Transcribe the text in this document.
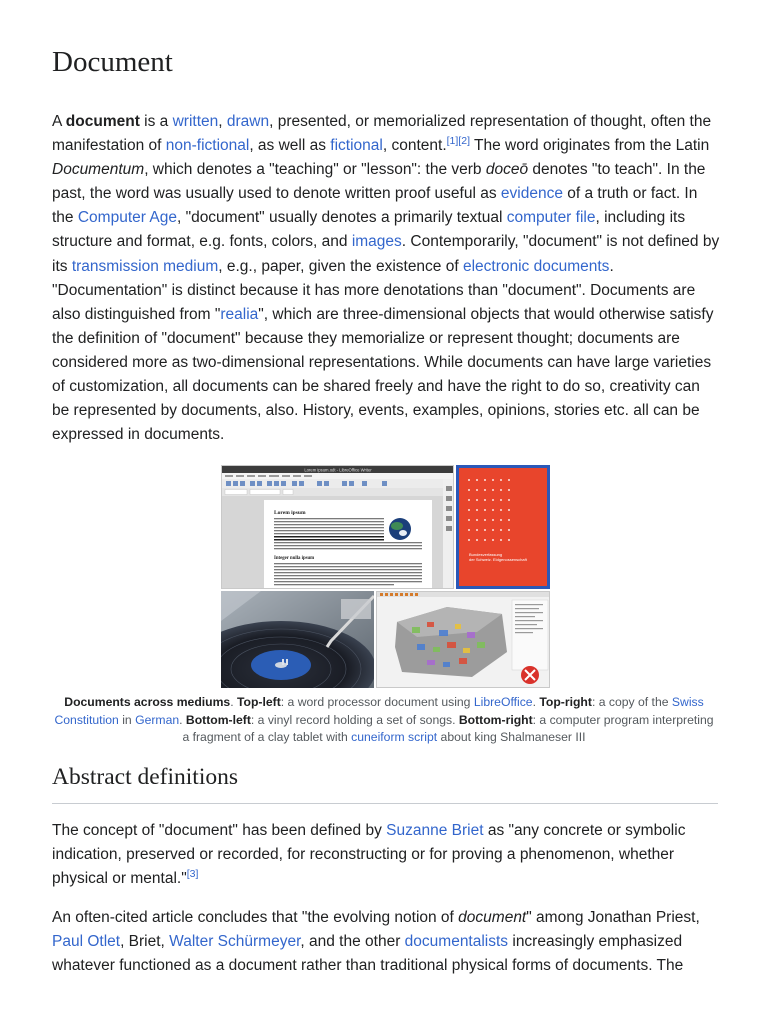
Document

A document is a written, drawn, presented, or memorialized representation of thought, often the manifestation of non-fictional, as well as fictional, content.[1][2] The word originates from the Latin Documentum, which denotes a "teaching" or "lesson": the verb doceō denotes "to teach". In the past, the word was usually used to denote written proof useful as evidence of a truth or fact. In the Computer Age, "document" usually denotes a primarily textual computer file, including its structure and format, e.g. fonts, colors, and images. Contemporarily, "document" is not defined by its transmission medium, e.g., paper, given the existence of electronic documents. "Documentation" is distinct because it has more denotations than "document". Documents are also distinguished from "realia", which are three-dimensional objects that would otherwise satisfy the definition of "document" because they memorialize or represent thought; documents are considered more as two-dimensional representations. While documents can have large varieties of customization, all documents can be shared freely and have the right to do so, creativity can be represented by documents, also. History, events, examples, opinions, stories etc. all can be expressed in documents.

Lorem ipsum.odt - LibreOffice Writer
Lorem ipsum
Integer nulla ipsum
Bundesverfassung
der Schweiz. Eidgenossenschaft
Documents across mediums. Top-left: a word processor document using LibreOffice. Top-right: a copy of the Swiss Constitution in German. Bottom-left: a vinyl record holding a set of songs. Bottom-right: a computer program interpreting a fragment of a clay tablet with cuneiform script about king Shalmaneser III
Abstract definitions

The concept of "document" has been defined by Suzanne Briet as "any concrete or symbolic indication, preserved or recorded, for reconstructing or for proving a phenomenon, whether physical or mental."[3]

An often-cited article concludes that "the evolving notion of document" among Jonathan Priest, Paul Otlet, Briet, Walter Schürmeyer, and the other documentalists increasingly emphasized whatever functioned as a document rather than traditional physical forms of documents. The
